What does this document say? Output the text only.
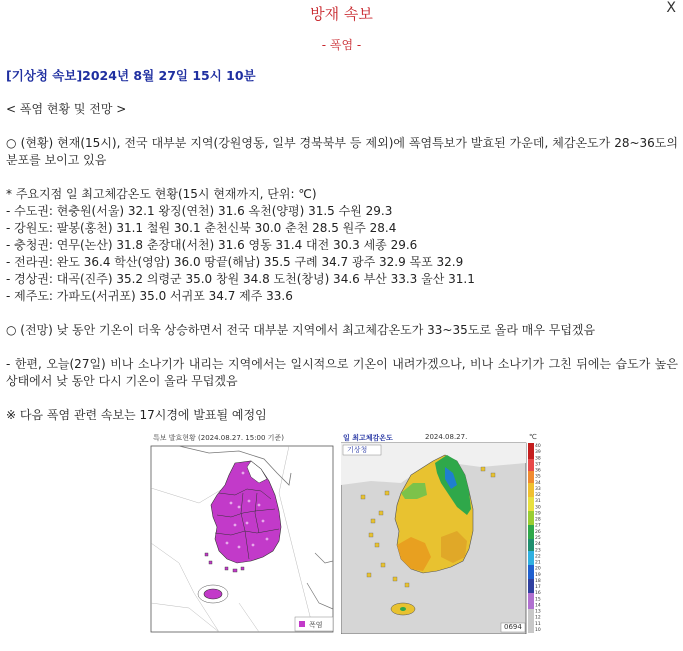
방재 속보	X
- 폭염 -

[기상청 속보]2024년 8월 27일 15시 10분

< 폭염 현황 및 전망 >

○ (현황) 현재(15시), 전국 대부분 지역(강원영동, 일부 경북북부 등 제외)에 폭염특보가 발효된 가운데, 체감온도가 28~36도의 분포를 보이고 있음

* 주요지점 일 최고체감온도 현황(15시 현재까지, 단위: ℃)

- 수도권: 현충원(서울) 32.1 왕징(연천) 31.6 옥천(양평) 31.5 수원 29.3

- 강원도: 팔봉(홍천) 31.1 철원 30.1 춘천신북 30.0 춘천 28.5 원주 28.4

- 충청권: 연무(논산) 31.8 춘장대(서천) 31.6 영동 31.4 대전 30.3 세종 29.6

- 전라권: 완도 36.4 학산(영암) 36.0 땅끝(해남) 35.5 구례 34.7 광주 32.9 목포 32.9

- 경상권: 대곡(진주) 35.2 의령군 35.0 창원 34.8 도천(창녕) 34.6 부산 33.3 울산 31.1

- 제주도: 가파도(서귀포) 35.0 서귀포 34.7 제주 33.6

○ (전망) 낮 동안 기온이 더욱 상승하면서 전국 대부분 지역에서 최고체감온도가 33~35도로 올라 매우 무덥겠음

- 한편, 오늘(27일) 비나 소나기가 내리는 지역에서는 일시적으로 기온이 내려가겠으나, 비나 소나기가 그친 뒤에는 습도가 높은 상태에서 낮 동안 다시 기온이 올라 무덥겠음

※ 다음 폭염 관련 속보는 17시경에 발표될 예정임

특보 발효현황 (2024.08.27. 15:00 기준)
폭염
40
39
38
37
36
35
34
33
32
31
30
29
28
27
26
25
24
23
22
21
20
19
18
17
16
15
14
13
12
11
10
일 최고체감온도	2024.08.27.	℃
기상청
0694
